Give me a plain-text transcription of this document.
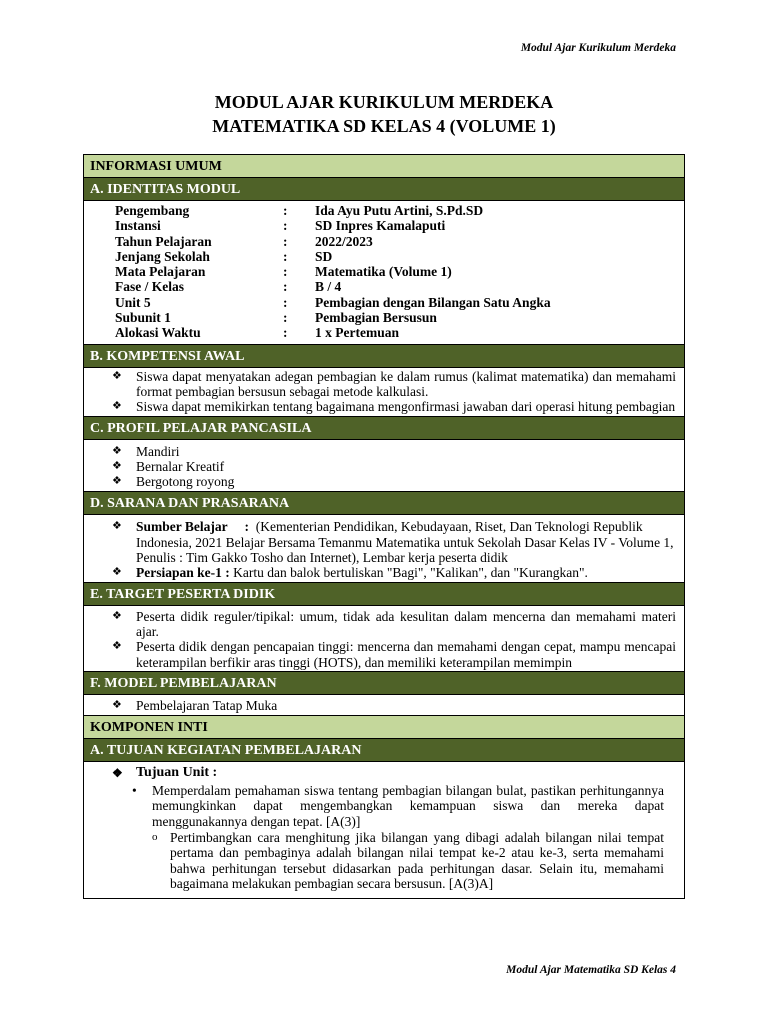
Modul Ajar Kurikulum Merdeka
MODUL AJAR KURIKULUM MERDEKA
MATEMATIKA SD KELAS 4 (VOLUME 1)
INFORMASI UMUM
A. IDENTITAS MODUL
Pengembang	:	Ida Ayu Putu Artini, S.Pd.SD
Instansi	:	SD Inpres Kamalaputi
Tahun Pelajaran	:	2022/2023
Jenjang Sekolah	:	SD
Mata Pelajaran	:	Matematika (Volume 1)
Fase / Kelas	:	B / 4
Unit 5	:	Pembagian dengan Bilangan Satu Angka
Subunit 1	:	Pembagian Bersusun
Alokasi Waktu	:	1 x Pertemuan
B. KOMPETENSI AWAL
❖	Siswa dapat menyatakan adegan pembagian ke dalam rumus (kalimat matematika) dan memahami format pembagian bersusun sebagai metode kalkulasi.
❖	Siswa dapat memikirkan tentang bagaimana mengonfirmasi jawaban dari operasi hitung pembagian
C. PROFIL PELAJAR PANCASILA
❖	Mandiri
❖	Bernalar Kreatif
❖	Bergotong royong
D. SARANA DAN PRASARANA
❖	Sumber Belajar : (Kementerian Pendidikan, Kebudayaan, Riset, Dan Teknologi Republik Indonesia, 2021 Belajar Bersama Temanmu Matematika untuk Sekolah Dasar Kelas IV - Volume 1, Penulis : Tim Gakko Tosho dan Internet), Lembar kerja peserta didik
❖	Persiapan ke-1 : Kartu dan balok bertuliskan "Bagi", "Kalikan", dan "Kurangkan".
E. TARGET PESERTA DIDIK
❖	Peserta didik reguler/tipikal: umum, tidak ada kesulitan dalam mencerna dan memahami materi ajar.
❖	Peserta didik dengan pencapaian tinggi: mencerna dan memahami dengan cepat, mampu mencapai keterampilan berfikir aras tinggi (HOTS), dan memiliki keterampilan memimpin
F. MODEL PEMBELAJARAN
❖	Pembelajaran Tatap Muka
KOMPONEN INTI
A. TUJUAN KEGIATAN PEMBELAJARAN
❖ Tujuan Unit :
•	Memperdalam pemahaman siswa tentang pembagian bilangan bulat, pastikan perhitungannya memungkinkan dapat mengembangkan kemampuan siswa dan mereka dapat menggunakannya dengan tepat. [A(3)]
o Pertimbangkan cara menghitung jika bilangan yang dibagi adalah bilangan nilai tempat pertama dan pembaginya adalah bilangan nilai tempat ke-2 atau ke-3, serta memahami bahwa perhitungan tersebut didasarkan pada perhitungan dasar. Selain itu, memahami bagaimana melakukan pembagian secara bersusun. [A(3)A]
Modul Ajar Matematika SD Kelas 4
